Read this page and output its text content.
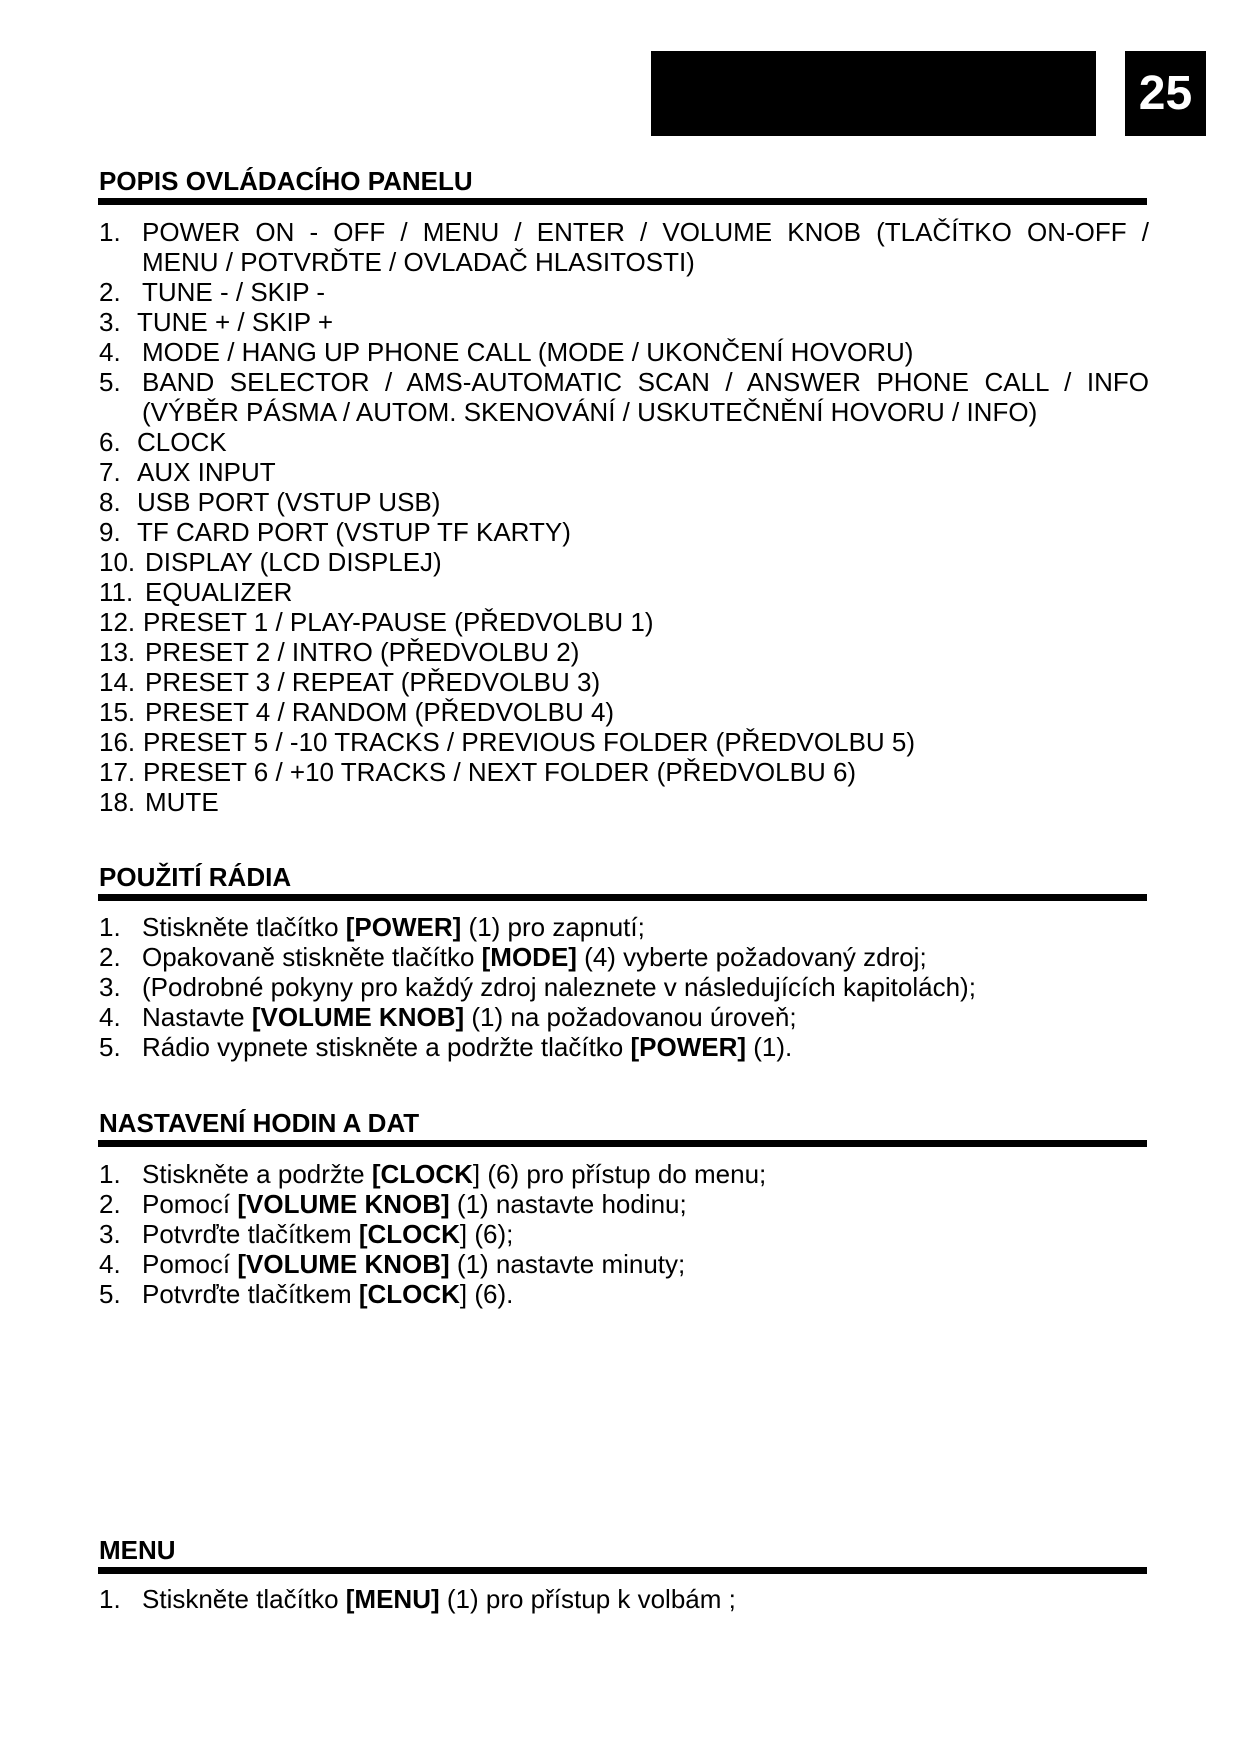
25
POPIS OVLÁDACÍHO PANELU
1. POWER ON - OFF / MENU / ENTER / VOLUME KNOB (TLAČÍTKO ON-OFF /
MENU / POTVRĎTE / OVLADAČ HLASITOSTI)
2. TUNE - / SKIP -
3. TUNE + / SKIP +
4. MODE / HANG UP PHONE CALL (MODE / UKONČENÍ HOVORU)
5. BAND SELECTOR / AMS-AUTOMATIC SCAN / ANSWER PHONE CALL / INFO
(VÝBĚR PÁSMA / AUTOM. SKENOVÁNÍ / USKUTEČNĚNÍ HOVORU / INFO)
6. CLOCK
7. AUX INPUT
8. USB PORT (VSTUP USB)
9. TF CARD PORT (VSTUP TF KARTY)
10. DISPLAY (LCD DISPLEJ)
11. EQUALIZER
12. PRESET 1 / PLAY-PAUSE (PŘEDVOLBU 1)
13. PRESET 2 / INTRO (PŘEDVOLBU 2)
14. PRESET 3 / REPEAT (PŘEDVOLBU 3)
15. PRESET 4 / RANDOM (PŘEDVOLBU 4)
16. PRESET 5 / -10 TRACKS / PREVIOUS FOLDER (PŘEDVOLBU 5)
17. PRESET 6 / +10 TRACKS / NEXT FOLDER (PŘEDVOLBU 6)
18. MUTE
POUŽITÍ RÁDIA
1. Stiskněte tlačítko [POWER] (1) pro zapnutí;
2. Opakovaně stiskněte tlačítko [MODE] (4) vyberte požadovaný zdroj;
3. (Podrobné pokyny pro každý zdroj naleznete v následujících kapitolách);
4. Nastavte [VOLUME KNOB] (1) na požadovanou úroveň;
5. Rádio vypnete stiskněte a podržte tlačítko [POWER] (1).
NASTAVENÍ HODIN A DAT
1. Stiskněte a podržte [CLOCK] (6) pro přístup do menu;
2. Pomocí [VOLUME KNOB] (1) nastavte hodinu;
3. Potvrďte tlačítkem [CLOCK] (6);
4. Pomocí [VOLUME KNOB] (1) nastavte minuty;
5. Potvrďte tlačítkem [CLOCK] (6).
MENU
1. Stiskněte tlačítko [MENU] (1) pro přístup k volbám ;
